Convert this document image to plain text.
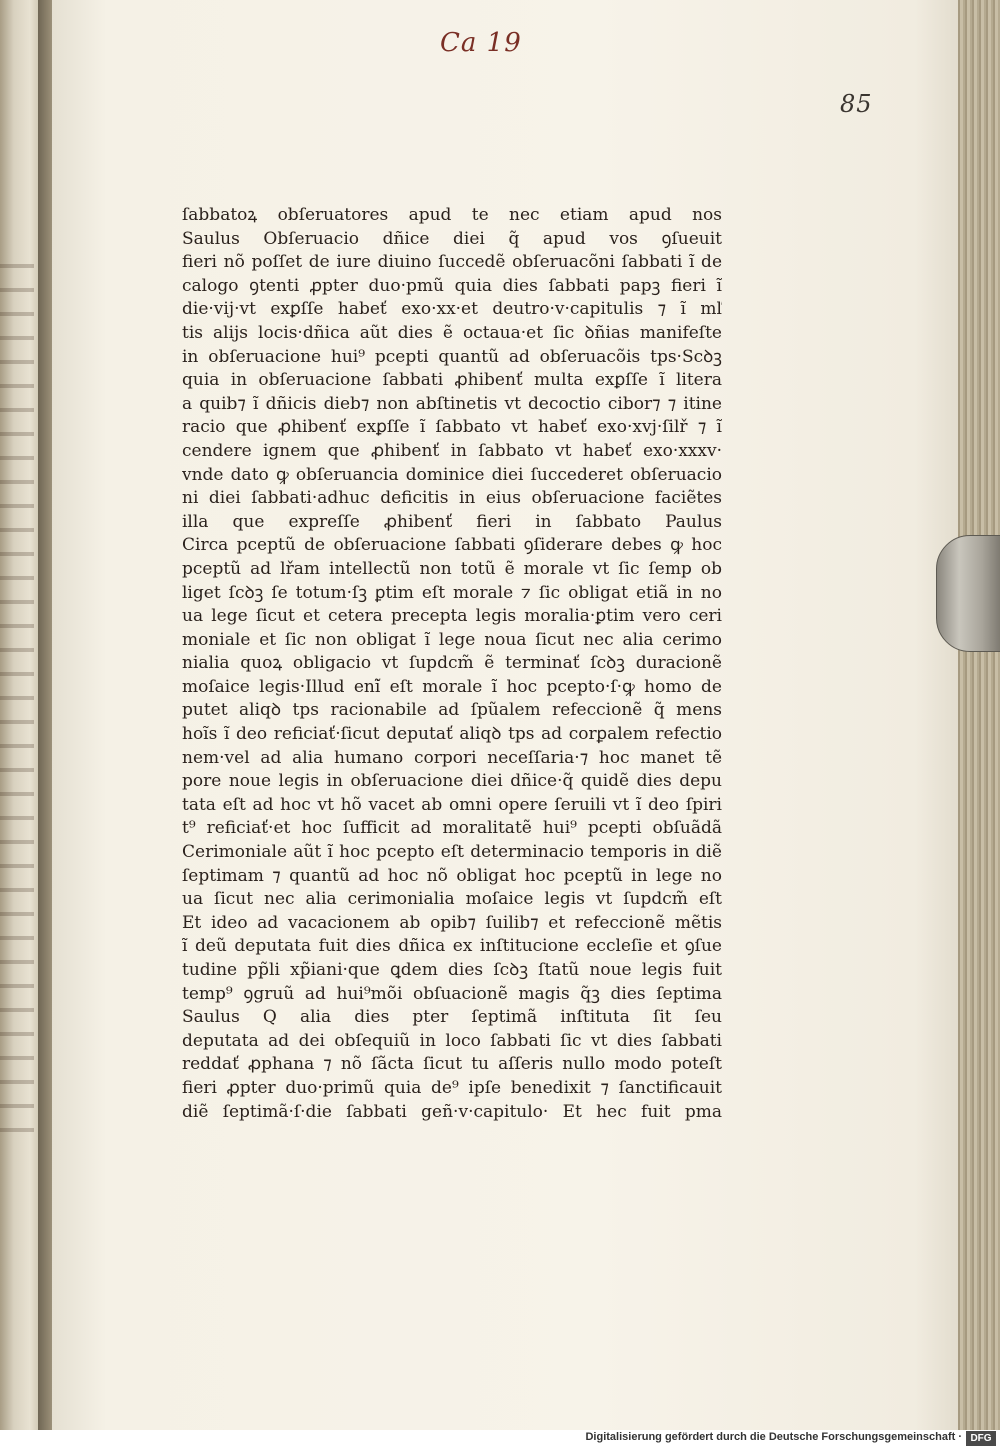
Ca 19
85
ſabbatoꝝ obſeruatores apud te nec etiam apud nos
Saulus Obſeruacio dñice diei q̃ apud vos ꝯſueuit
fieri nõ poſſet de iure diuino ſuccedẽ obſeruacõni ſabbati ĩ de
calogo ꝯtenti ꝓpter duo·pmũ quia dies ſabbati papꝫ fieri ĩ
die·vij·vt exꝑſſe habeť exo·xx·et deutro·v·capitulis ⁊ ĩ mľ
tis alijs locis·dñica aũt dies ẽ octaua·et ſic ꝺñias manifeſte
in obſeruacione hui⁹ pcepti quantũ ad obſeruacõis tps·Scꝺꝫ
quia in obſeruacione ſabbati ꝓhibenť multa exꝑſſe ĩ litera
a quib⁊ ĩ dñicis dieb⁊ non abſtinetis vt decoctio cibor⁊ ⁊ itine
racio que ꝓhibenť exꝑſſe ĩ ſabbato vt habeť exo·xvj·ſilř ⁊ ĩ
cendere ignem que ꝓhibenť in ſabbato vt habeť exo·xxxv·
vnde dato ꝙ obſeruancia dominice diei ſuccederet obſeruacio
ni diei ſabbati·adhuc deficitis in eius obſeruacione faciẽtes
illa que expreſſe ꝓhibenť fieri in ſabbato Paulus
Circa pceptũ de obſeruacione ſabbati ꝯſiderare debes ꝙ hoc
pceptũ ad lřam intellectũ non totũ ẽ morale vt ſic ſemp ob
liget ſcꝺꝫ ſe totum·ſꝫ ꝑtim eſt morale ⁊ ſic obligat etiã in no
ua lege ſicut et cetera precepta legis moralia·ꝑtim vero ceri
moniale et ſic non obligat ĩ lege noua ſicut nec alia cerimo
nialia quoꝝ obligacio vt ſupdcm̃ ẽ terminať ſcꝺꝫ duracionẽ
moſaice legis·Illud eni̇̃ eſt morale ĩ hoc pcepto·ſ·ꝙ homo de
putet aliqꝺ tps racionabile ad ſpũalem refeccionẽ q̃ mens
hoĩs ĩ deo reficiať·ſicut deputať aliqꝺ tps ad corꝑalem refectio
nem·vel ad alia humano corpori neceſſaria·⁊ hoc manet tẽ
pore noue legis in obſeruacione diei dñice·q̃ quidẽ dies depu
tata eſt ad hoc vt hõ vacet ab omni opere ſeruili vt ĩ deo ſpiri
t⁹ reficiať·et hoc ſufficit ad moralitatẽ hui⁹ pcepti obſuãdã
Cerimoniale aũt ĩ hoc pcepto eſt determinacio temporis in diẽ
ſeptimam ⁊ quantũ ad hoc nõ obligat hoc pceptũ in lege no
ua ſicut nec alia cerimonialia moſaice legis vt ſupdcm̃ eſt
Et ideo ad vacacionem ab opib⁊ ſuilib⁊ et refeccionẽ mẽtis
ĩ deũ deputata fuit dies dñica ex inſtitucione eccleſie et ꝯſue
tudine pp̃li xp̃iani·que ꝗdem dies ſcꝺꝫ ſtatũ noue legis fuit
temp⁹ ꝯgruũ ad hui⁹mõi obſuacionẽ magis q̃ꝫ dies ſeptima
Saulus Q alia dies pter ſeptimã inſtituta ſit ſeu
deputata ad dei obſequiũ in loco ſabbati ſic vt dies ſabbati
reddať ꝓphana ⁊ nõ ſãcta ſicut tu aſſeris nullo modo poteſt
fieri ꝓpter duo·primũ quia de⁹ ipſe benedixit ⁊ ſanctificauit
diẽ ſeptimã·ſ·die ſabbati geñ·v·capitulo· Et hec fuit pma
Digitalisierung gefördert durch die Deutsche Forschungsgemeinschaft · DFG
